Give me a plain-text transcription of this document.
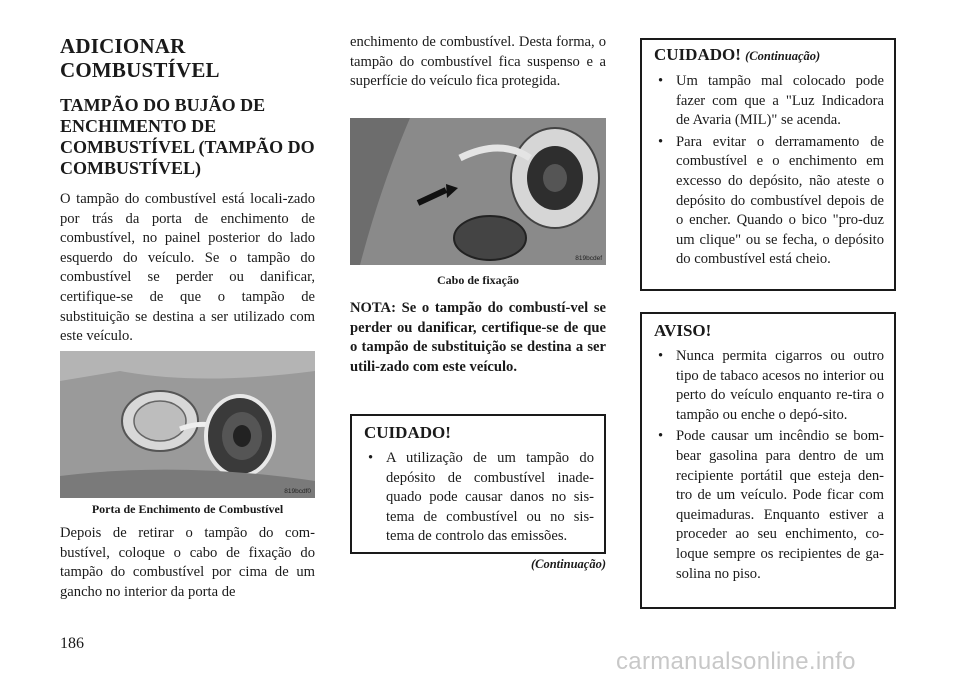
ADICIONAR COMBUSTÍVEL
TAMPÃO DO BUJÃO DE ENCHIMENTO DE COMBUSTÍVEL (TAMPÃO DO COMBUSTÍVEL)

O tampão do combustível está locali-zado por trás da porta de enchimento de combustível, no painel posterior do lado esquerdo do veículo. Se o tampão do combustível se perder ou danificar, certifique-se de que o tampão de substituição se destina a ser utilizado com este veículo.

819bcdf0
Porta de Enchimento de Combustível

Depois de retirar o tampão do com-bustível, coloque o cabo de fixação do tampão do combustível por cima de um gancho no interior da porta de

enchimento de combustível. Desta forma, o tampão do combustível fica suspenso e a superfície do veículo fica protegida.

819bcdef
Cabo de fixação
NOTA: Se o tampão do combustí-vel se perder ou danificar, certifique-se de que o tampão de substituição se destina a ser utili-zado com este veículo.
CUIDADO!
• A utilização de um tampão do depósito de combustível inade-quado pode causar danos no sis-tema de combustível ou no sis-tema de controlo das emissões.
(Continuação)
CUIDADO! (Continuação)
• Um tampão mal colocado pode fazer com que a "Luz Indicadora de Avaria (MIL)" se acenda.
• Para evitar o derramamento de combustível e o enchimento em excesso do depósito, não ateste o depósito do combustível depois de o encher. Quando o bico "pro-duz um clique" ou se fecha, o depósito do combustível está cheio.
AVISO!
• Nunca permita cigarros ou outro tipo de tabaco acesos no interior ou perto do veículo enquanto re-tira o tampão ou enche o depó-sito.
• Pode causar um incêndio se bom-bear gasolina para dentro de um recipiente portátil que esteja den-tro de um veículo. Pode ficar com queimaduras. Enquanto estiver a proceder ao seu enchimento, co-loque sempre os recipientes de ga-solina no piso.
186
carmanualsonline.info
